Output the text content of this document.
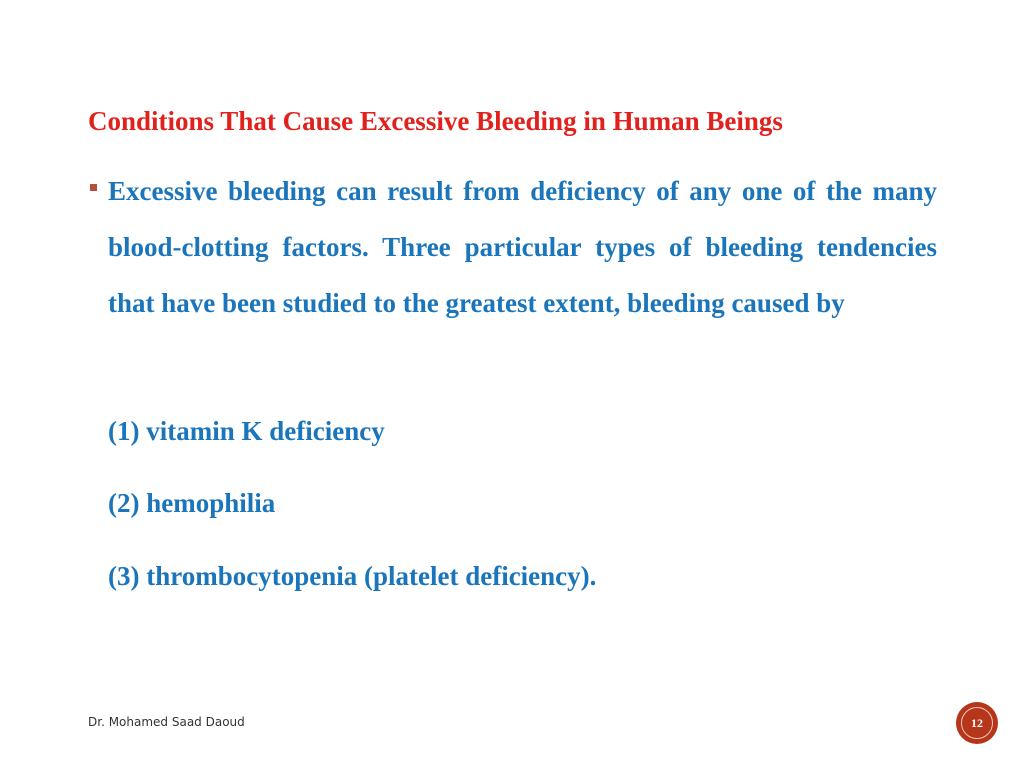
Conditions That Cause Excessive Bleeding in Human Beings
Excessive bleeding can result from deficiency of any one of the many blood-clotting factors. Three particular types of bleeding tendencies that have been studied to the greatest extent, bleeding caused by
(1) vitamin K deficiency
(2) hemophilia
(3) thrombocytopenia (platelet deficiency).
Dr. Mohamed Saad Daoud	12
